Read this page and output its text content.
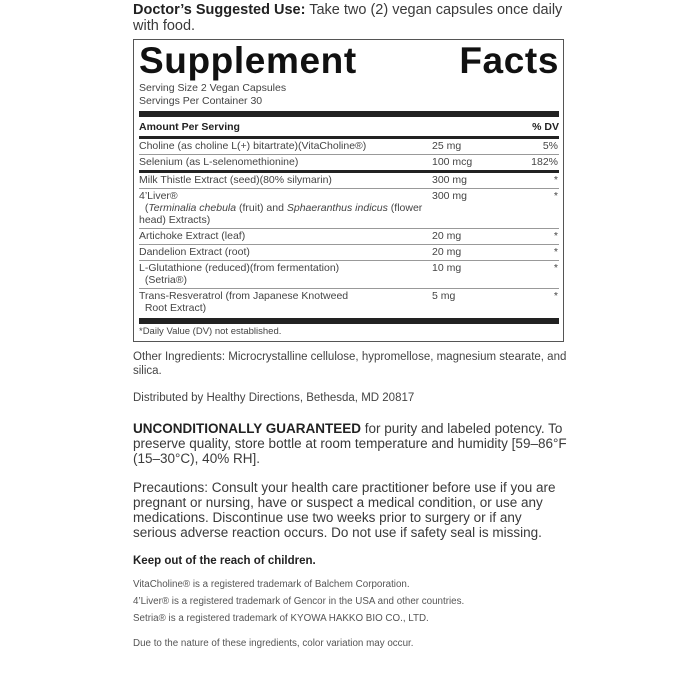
Doctor’s Suggested Use: Take two (2) vegan capsules once daily with food.
Supplement	Facts
Serving Size 2 Vegan Capsules
Servings Per Container 30
Amount Per Serving		% DV

Choline (as choline L(+) bitartrate)(VitaCholine®)	25 mg	5%
Selenium (as L-selenomethionine)	100 mcg	182%

Milk Thistle Extract (seed)(80% silymarin)	300 mg	*
4’Liver®
(Terminalia chebula (fruit) and Sphaeranthus indicus (flower head) Extracts)	300 mg	*
Artichoke Extract (leaf)	20 mg	*
Dandelion Extract (root)	20 mg	*
L-Glutathione (reduced)(from fermentation)
(Setria®)	10 mg	*
Trans-Resveratrol (from Japanese Knotweed
Root Extract)	5 mg	*
*Daily Value (DV) not established.
Other Ingredients: Microcrystalline cellulose, hypromellose, magnesium stearate, and silica.
Distributed by Healthy Directions, Bethesda, MD 20817
UNCONDITIONALLY GUARANTEED for purity and labeled potency. To preserve quality, store bottle at room temperature and humidity [59–86°F (15–30°C), 40% RH].
Precautions: Consult your health care practitioner before use if you are pregnant or nursing, have or suspect a medical condition, or use any medications. Discontinue use two weeks prior to surgery or if any serious adverse reaction occurs. Do not use if safety seal is missing.
Keep out of the reach of children.
VitaCholine® is a registered trademark of Balchem Corporation.
4’Liver® is a registered trademark of Gencor in the USA and other countries.
Setria® is a registered trademark of KYOWA HAKKO BIO CO., LTD.
Due to the nature of these ingredients, color variation may occur.
